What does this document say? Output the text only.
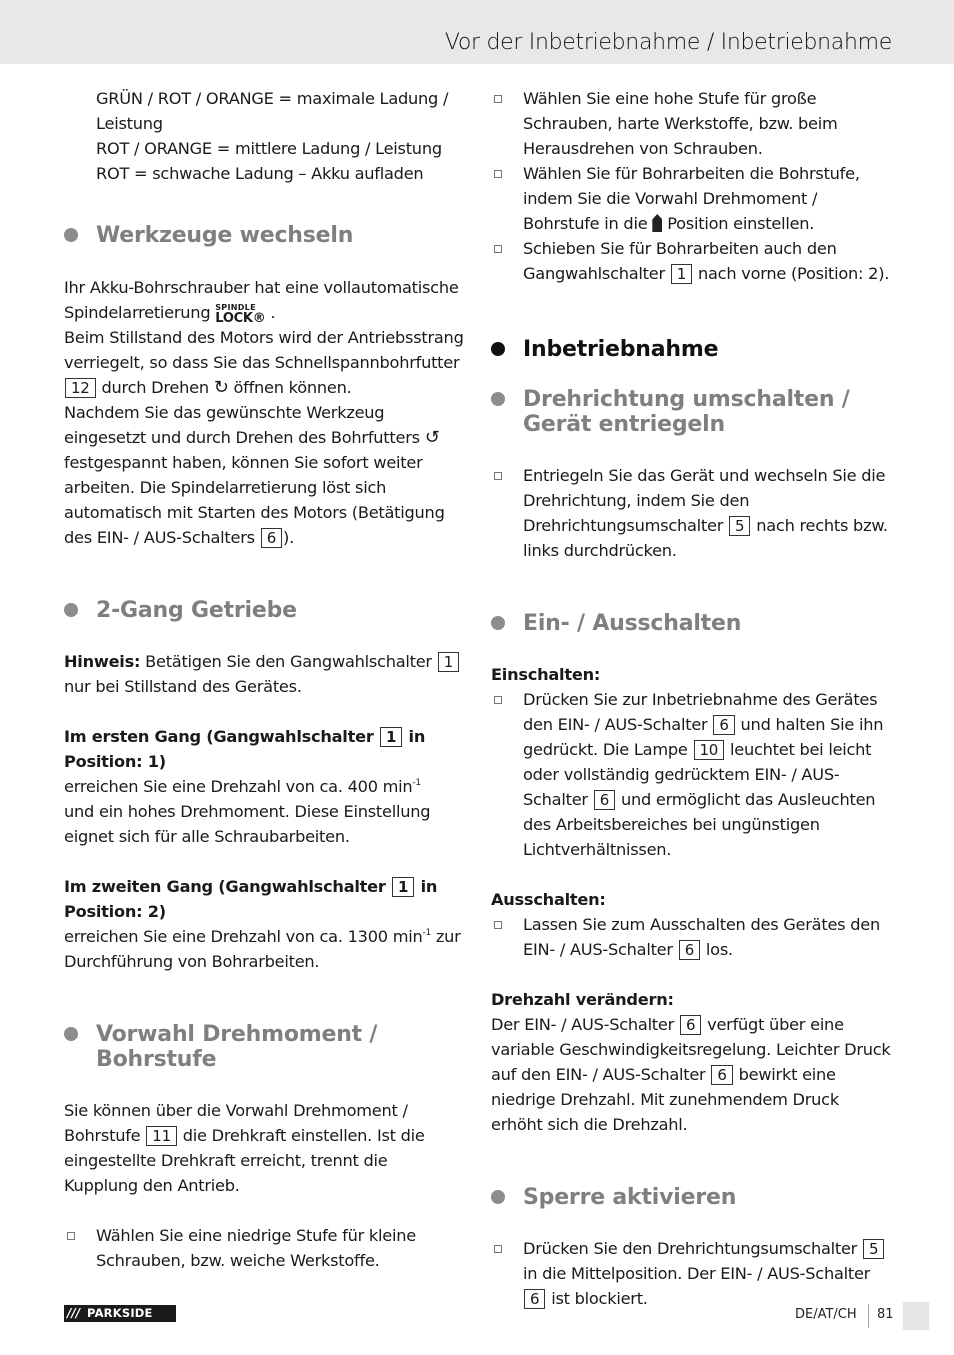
Vor der Inbetriebnahme / Inbetriebnahme

GRÜN / ROT / ORANGE = maximale Ladung / Leistung

ROT / ORANGE = mittlere Ladung / Leistung

ROT = schwache Ladung – Akku aufladen

Werkzeuge wechseln

Ihr Akku-Bohrschrauber hat eine vollautomatische Spindelarretierung SPINDLE
LOCK® .
Beim Stillstand des Motors wird der Antriebsstrang verriegelt, so dass Sie das Schnellspannbohrfutter 12 durch Drehen ↻ öffnen können.
Nachdem Sie das gewünschte Werkzeug eingesetzt und durch Drehen des Bohrfutters ↺ festgespannt haben, können Sie sofort weiter arbeiten. Die Spindelarretierung löst sich automatisch mit Starten des Motors (Betätigung des EIN- / AUS-Schalters 6 ).

2-Gang Getriebe

Hinweis: Betätigen Sie den Gangwahlschalter 1 nur bei Stillstand des Gerätes.

Im ersten Gang (Gangwahlschalter 1 in Position: 1)
erreichen Sie eine Drehzahl von ca. 400 $\min^{-1}$
und ein hohes Drehmoment. Diese Einstellung eignet sich für alle Schraubarbeiten.

Im zweiten Gang (Gangwahlschalter 1 in Position: 2)
erreichen Sie eine Drehzahl von ca. 1300 $\min^{-1}$ zur Durchführung von Bohrarbeiten.

Vorwahl Drehmoment / Bohrstufe

Sie können über die Vorwahl Drehmoment / Bohrstufe 11 die Drehkraft einstellen. Ist die eingestellte Drehkraft erreicht, trennt die Kupplung den Antrieb.

Wählen Sie eine niedrige Stufe für kleine Schrauben, bzw. weiche Werkstoffe.
Wählen Sie eine hohe Stufe für große Schrauben, harte Werkstoffe, bzw. beim Herausdrehen von Schrauben.
Wählen Sie für Bohrarbeiten die Bohrstufe, indem Sie die Vorwahl Drehmoment / Bohrstufe in die Position einstellen.
Schieben Sie für Bohrarbeiten auch den Gangwahlschalter 1 nach vorne (Position: 2).
Inbetriebnahme
Drehrichtung umschalten / Gerät entriegeln
Entriegeln Sie das Gerät und wechseln Sie die Drehrichtung, indem Sie den Drehrichtungsumschalter 5 nach rechts bzw. links durchdrücken.
Ein- / Ausschalten

Einschalten:

Drücken Sie zur Inbetriebnahme des Gerätes den EIN- / AUS-Schalter 6 und halten Sie ihn gedrückt. Die Lampe 10 leuchtet bei leicht oder vollständig gedrücktem EIN- / AUS-Schalter 6 und ermöglicht das Ausleuchten des Arbeitsbereiches bei ungünstigen Lichtverhältnissen.

Ausschalten:

Lassen Sie zum Ausschalten des Gerätes den EIN- / AUS-Schalter 6 los.

Drehzahl verändern:
Der EIN- / AUS-Schalter 6 verfügt über eine variable Geschwindigkeitsregelung. Leichter Druck auf den EIN- / AUS-Schalter 6 bewirkt eine niedrige Drehzahl. Mit zunehmendem Druck erhöht sich die Drehzahl.

Sperre aktivieren
Drücken Sie den Drehrichtungsumschalter 5 in die Mittelposition. Der EIN- / AUS-Schalter 6 ist blockiert.
/// PARKSIDE	DE/AT/CH 81
